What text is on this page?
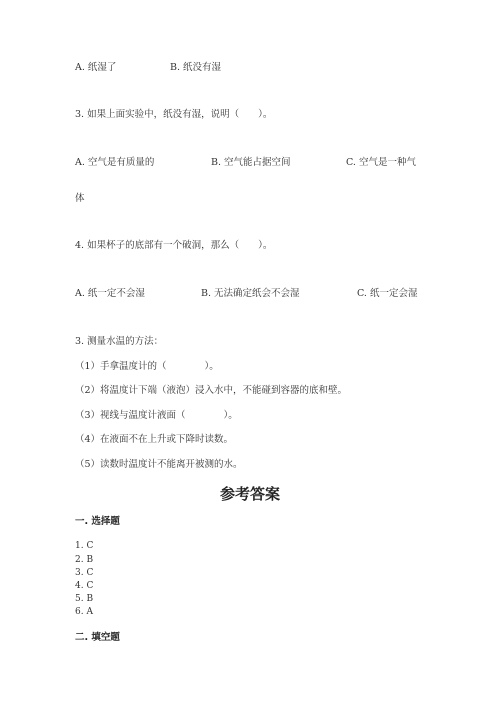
A. 纸湿了	B. 纸没有湿
3. 如果上面实验中，纸没有湿，说明（　　）。
A. 空气是有质量的	B. 空气能占据空间	C. 空气是一种气
体
4. 如果杯子的底部有一个破洞，那么（　　）。
A. 纸一定不会湿	B. 无法确定纸会不会湿	C. 纸一定会湿
3. 测量水温的方法：
（1）手拿温度计的（　　　　）。
（2）将温度计下端（液泡）浸入水中，不能碰到容器的底和壁。
（3）视线与温度计液面（　　　　）。
（4）在液面不在上升或下降时读数。
（5）读数时温度计不能离开被测的水。
参考答案
一. 选择题
1. C
2. B
3. C
4. C
5. B
6. A
二. 填空题
